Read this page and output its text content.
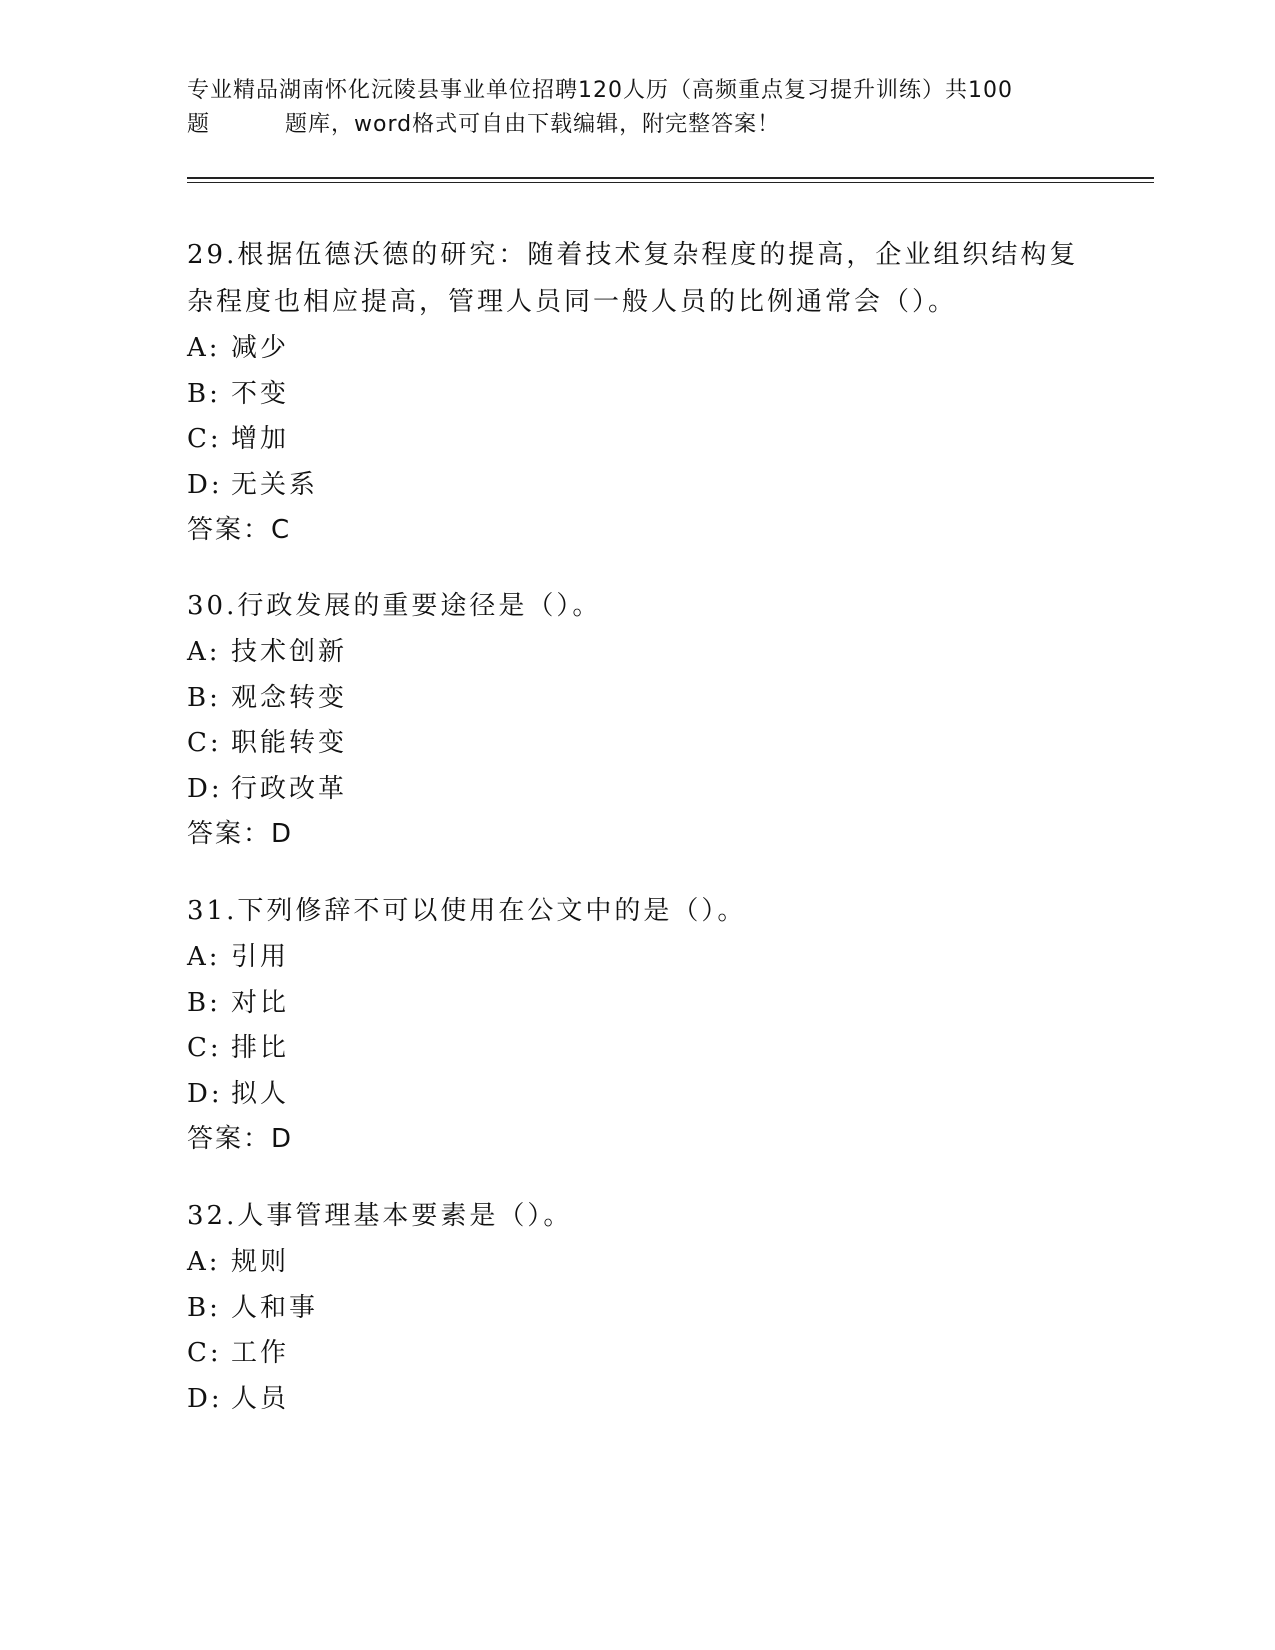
专业精品湖南怀化沅陵县事业单位招聘120人历（高频重点复习提升训练）共100
题	题库，word格式可自由下载编辑，附完整答案！

29.根据伍德沃德的研究：随着技术复杂程度的提高，企业组织结构复

杂程度也相应提高，管理人员同一般人员的比例通常会（）。

A: 减少

B: 不变

C: 增加

D: 无关系

答案：C

30.行政发展的重要途径是（）。

A: 技术创新

B: 观念转变

C: 职能转变

D: 行政改革

答案：D

31.下列修辞不可以使用在公文中的是（）。

A: 引用

B: 对比

C: 排比

D: 拟人

答案：D

32.人事管理基本要素是（）。

A: 规则

B: 人和事

C: 工作

D: 人员
